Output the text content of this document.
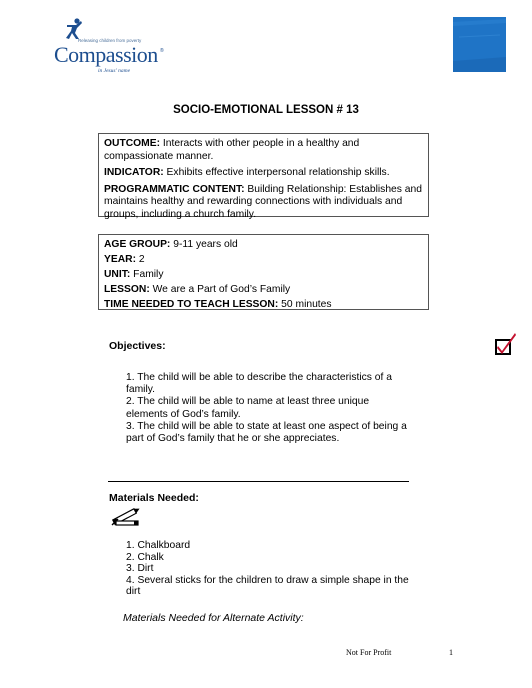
Releasing children from poverty
Compassion ®
in Jesus' name
SOCIO-EMOTIONAL LESSON # 13

OUTCOME: Interacts with other people in a healthy and compassionate manner.

INDICATOR: Exhibits effective interpersonal relationship skills.

PROGRAMMATIC CONTENT: Building Relationship: Establishes and maintains healthy and rewarding connections with individuals and groups, including a church family.

AGE GROUP: 9-11 years old

YEAR: 2

UNIT: Family

LESSON: We are a Part of God’s Family

TIME NEEDED TO TEACH LESSON: 50 minutes

Objectives:
1. The child will be able to describe the characteristics of a family.
2. The child will be able to name at least three unique elements of God’s family.
3. The child will be able to state at least one aspect of being a part of God’s family that he or she appreciates.
Materials Needed:
1. Chalkboard
2. Chalk
3. Dirt
4. Several sticks for the children to draw a simple shape in the dirt
Materials Needed for Alternate Activity:
Not For Profit	1
